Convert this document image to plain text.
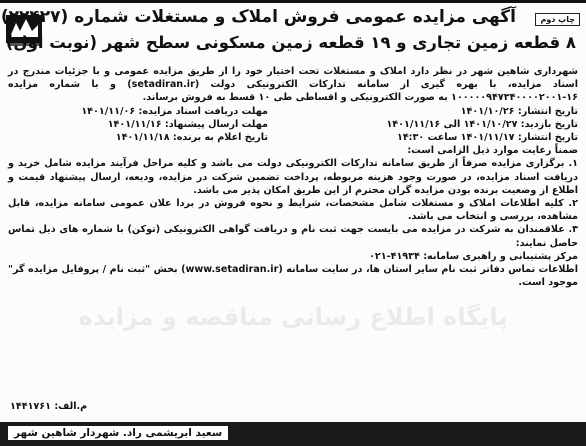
چاپ دوم
آگهی مزایده عمومی فروش املاک و مستغلات شماره (۲۲۴۲۷)
۸ قطعه زمین تجاری و ۱۹ قطعه زمین مسکونی سطح شهر (نوبت اول)
پایگاه اطلاع رسانی مناقصه و مزایده

شهرداری شاهین شهر در نظر دارد املاک و مستغلات تحت اختیار خود را از طریق مزایده عمومی و با جزئیات مندرج در اسناد مزایده، با بهره گیری از سامانه تدارکات الکترونیکی دولت (setadiran.ir) و با شماره مزایده ۱۶-۱۰۰۰۰۰۹۴۷۳۴۰۰۰۰۲۰۰۱ به صورت الکترونیکی و اقساطی طی ۱۰ قسط به فروش برساند.

تاریخ انتشار: ۱۴۰۱/۱۰/۲۶
تاریخ بازدید: ۱۴۰۱/۱۰/۲۷ الی ۱۴۰۱/۱۱/۱۶
تاریخ انتشار: ۱۴۰۱/۱۱/۱۷ ساعت ۱۴:۳۰
مهلت دریافت اسناد مزایده: ۱۴۰۱/۱۱/۰۶
مهلت ارسال پیشنهاد: ۱۴۰۱/۱۱/۱۶
تاریخ اعلام به برنده: ۱۴۰۱/۱۱/۱۸

ضمناً رعایت موارد ذیل الزامی است:

۱. برگزاری مزایده صرفاً از طریق سامانه تدارکات الکترونیکی دولت می باشد و کلیه مراحل فرآیند مزایده شامل خرید و دریافت اسناد مزایده، در صورت وجود هزینه مربوطه، پرداخت تضمین شرکت در مزایده، ودیعه، ارسال پیشنهاد قیمت و اطلاع از وضعیت برنده بودن مزایده گران محترم از این طریق امکان پذیر می باشد.

۲. کلیه اطلاعات املاک و مستغلات شامل مشخصات، شرایط و نحوه فروش در بردا علان عمومی سامانه مزایده، قابل مشاهده، بررسی و انتخاب می باشد.

۳. علاقمندان به شرکت در مزایده می بایست جهت ثبت نام و دریافت گواهی الکترونیکی (توکن) با شماره های ذیل تماس حاصل نمایند:

مرکز پشتیبانی و راهبری سامانه: ۴۱۹۳۴-۰۲۱

اطلاعات تماس دفاتر ثبت نام سایر استان ها، در سایت سامانه (www.setadiran.ir) بخش "ثبت نام / پروفایل مزایده گر" موجود است.

م.الف: ۱۴۴۱۷۶۱
سعید ابریشمی راد. شهردار شاهین شهر
